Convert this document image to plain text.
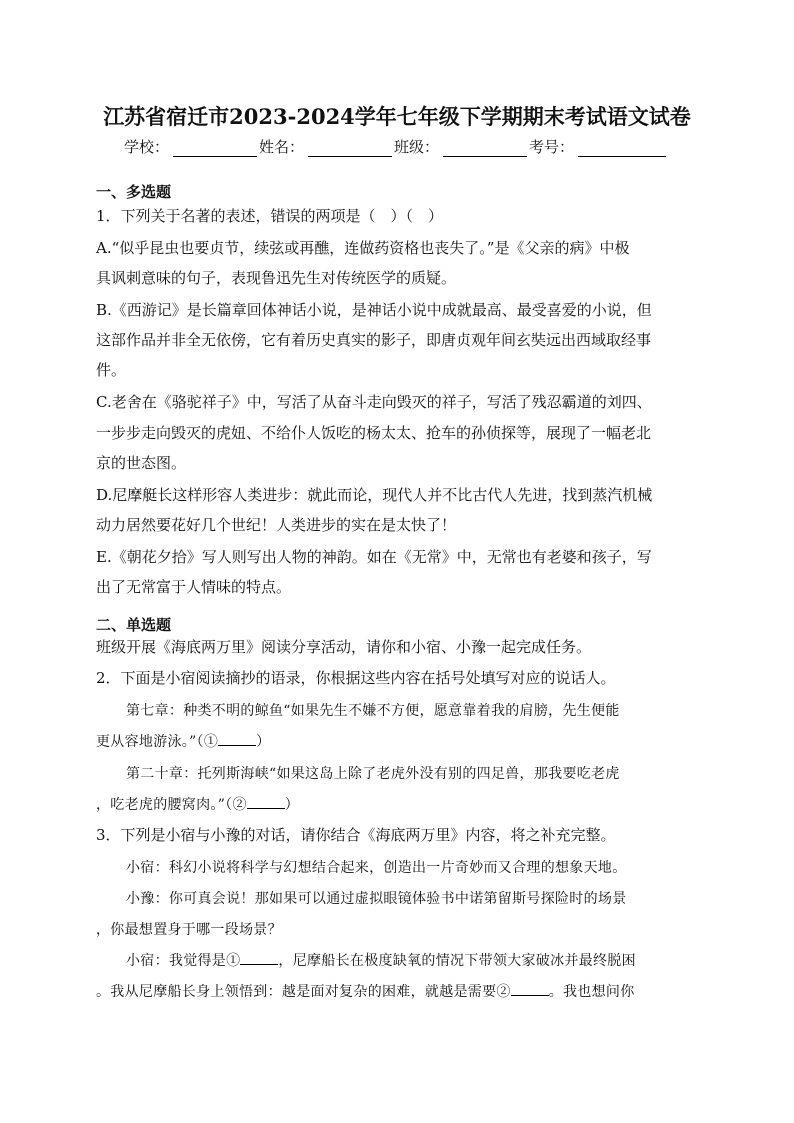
江苏省宿迁市2023-2024学年七年级下学期期末考试语文试卷
学校：	姓名：	班级：	考号：
一、多选题
1．下列关于名著的表述，错误的两项是（　）（　）
A.“似乎昆虫也要贞节，续弦或再醮，连做药资格也丧失了。”是《父亲的病》中极
具讽刺意味的句子，表现鲁迅先生对传统医学的质疑。
B.《西游记》是长篇章回体神话小说，是神话小说中成就最高、最受喜爱的小说，但
这部作品并非全无依傍，它有着历史真实的影子，即唐贞观年间玄奘远出西域取经事
件。
C.老舍在《骆驼祥子》中，写活了从奋斗走向毁灭的祥子，写活了残忍霸道的刘四、
一步步走向毁灭的虎妞、不给仆人饭吃的杨太太、抢车的孙侦探等，展现了一幅老北
京的世态图。
D.尼摩艇长这样形容人类进步：就此而论，现代人并不比古代人先进，找到蒸汽机械
动力居然要花好几个世纪！人类进步的实在是太快了！
E.《朝花夕拾》写人则写出人物的神韵。如在《无常》中，无常也有老婆和孩子，写
出了无常富于人情味的特点。
二、单选题
班级开展《海底两万里》阅读分享活动，请你和小宿、小豫一起完成任务。
2．下面是小宿阅读摘抄的语录，你根据这些内容在括号处填写对应的说话人。
第七章：种类不明的鲸鱼“如果先生不嫌不方便，愿意靠着我的肩膀，先生便能
更从容地游泳。”（①	）
第二十章：托列斯海峡“如果这岛上除了老虎外没有别的四足兽，那我要吃老虎
，吃老虎的腰窝肉。”（②	）
3．下列是小宿与小豫的对话，请你结合《海底两万里》内容，将之补充完整。
小宿：科幻小说将科学与幻想结合起来，创造出一片奇妙而又合理的想象天地。
小豫：你可真会说！那如果可以通过虚拟眼镜体验书中诺第留斯号探险时的场景
，你最想置身于哪一段场景？
小宿：我觉得是①	，尼摩船长在极度缺氧的情况下带领大家破冰并最终脱困
。我从尼摩船长身上领悟到：越是面对复杂的困难，就越是需要②	。我也想问你
